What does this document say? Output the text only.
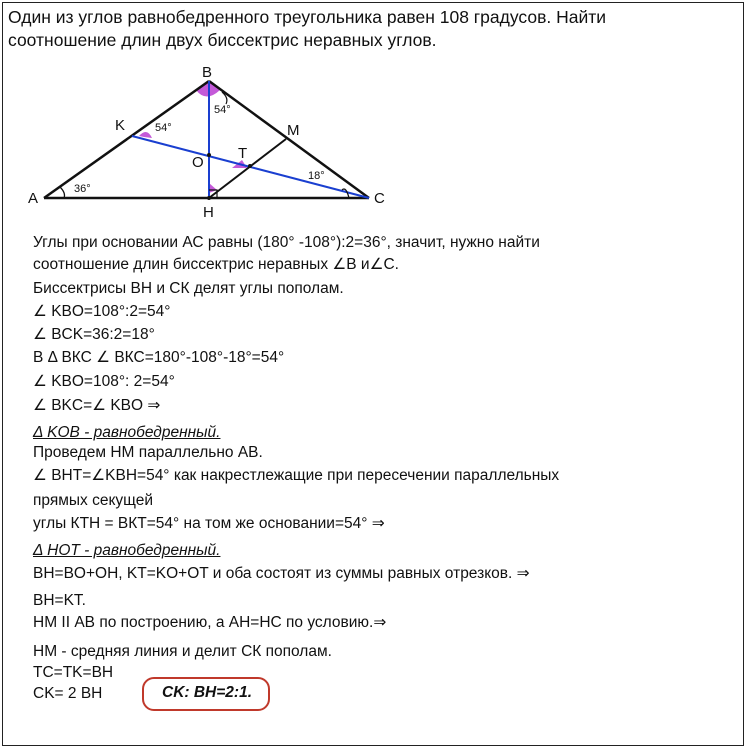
Один из углов равнобедренного треугольника равен 108 градусов. Найти
соотношение длин двух биссектрис неравных углов.
A
B
C
H
K	M
O
T
36°
54°
54°
18°
Углы при основании АС равны (180° -108°):2=36°, значит, нужно найти
соотношение длин биссектрис неравных ∠B и∠C.
Биссектрисы ВН и СК делят углы пополам.
∠ KBO=108°:2=54°
∠ BCK=36:2=18°
В Δ ВКС ∠ ВКС=180°-108°-18°=54°
∠ KBO=108°: 2=54°
∠ BKC=∠ KBO ⇒
Δ KOB - равнобедренный.
Проведем НМ параллельно АВ.
∠ BHT=∠KBH=54° как накрестлежащие при пересечении параллельных
прямых секущей
углы КТН = ВКТ=54° на том же основании=54° ⇒
Δ HOT - равнобедренный.
BH=BO+OH, KT=KO+OT и оба состоят из суммы равных отрезков. ⇒
BH=KT.
НМ II АВ по построению, а АН=НС по условию.⇒
НМ - средняя линия и делит СК пополам.
TC=TK=BH
CK= 2 BH	CK: BH=2:1.
